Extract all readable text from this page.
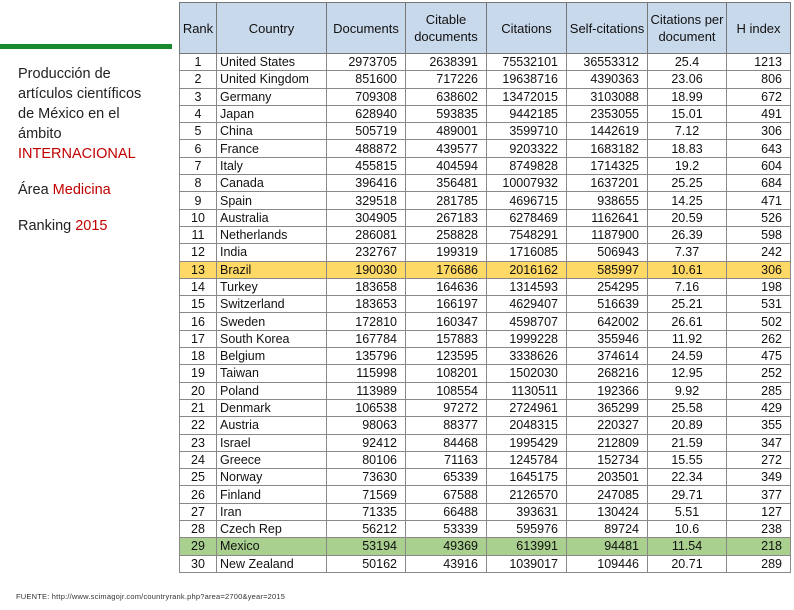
Producción de

artículos científicos

de México en el

ámbito

INTERNACIONAL

Área Medicina

Ranking 2015

Rank	Country	Documents	Citable documents	Citations	Self-citations	Citations per document	H index
1	United States	2973705	2638391	75532101	36553312	25.4	1213
2	United Kingdom	851600	717226	19638716	4390363	23.06	806
3	Germany	709308	638602	13472015	3103088	18.99	672
4	Japan	628940	593835	9442185	2353055	15.01	491
5	China	505719	489001	3599710	1442619	7.12	306
6	France	488872	439577	9203322	1683182	18.83	643
7	Italy	455815	404594	8749828	1714325	19.2	604
8	Canada	396416	356481	10007932	1637201	25.25	684
9	Spain	329518	281785	4696715	938655	14.25	471
10	Australia	304905	267183	6278469	1162641	20.59	526
11	Netherlands	286081	258828	7548291	1187900	26.39	598
12	India	232767	199319	1716085	506943	7.37	242
13	Brazil	190030	176686	2016162	585997	10.61	306
14	Turkey	183658	164636	1314593	254295	7.16	198
15	Switzerland	183653	166197	4629407	516639	25.21	531
16	Sweden	172810	160347	4598707	642002	26.61	502
17	South Korea	167784	157883	1999228	355946	11.92	262
18	Belgium	135796	123595	3338626	374614	24.59	475
19	Taiwan	115998	108201	1502030	268216	12.95	252
20	Poland	113989	108554	1130511	192366	9.92	285
21	Denmark	106538	97272	2724961	365299	25.58	429
22	Austria	98063	88377	2048315	220327	20.89	355
23	Israel	92412	84468	1995429	212809	21.59	347
24	Greece	80106	71163	1245784	152734	15.55	272
25	Norway	73630	65339	1645175	203501	22.34	349
26	Finland	71569	67588	2126570	247085	29.71	377
27	Iran	71335	66488	393631	130424	5.51	127
28	Czech Rep	56212	53339	595976	89724	10.6	238
29	Mexico	53194	49369	613991	94481	11.54	218
30	New Zealand	50162	43916	1039017	109446	20.71	289
FUENTE: http://www.scimagojr.com/countryrank.php?area=2700&year=2015
